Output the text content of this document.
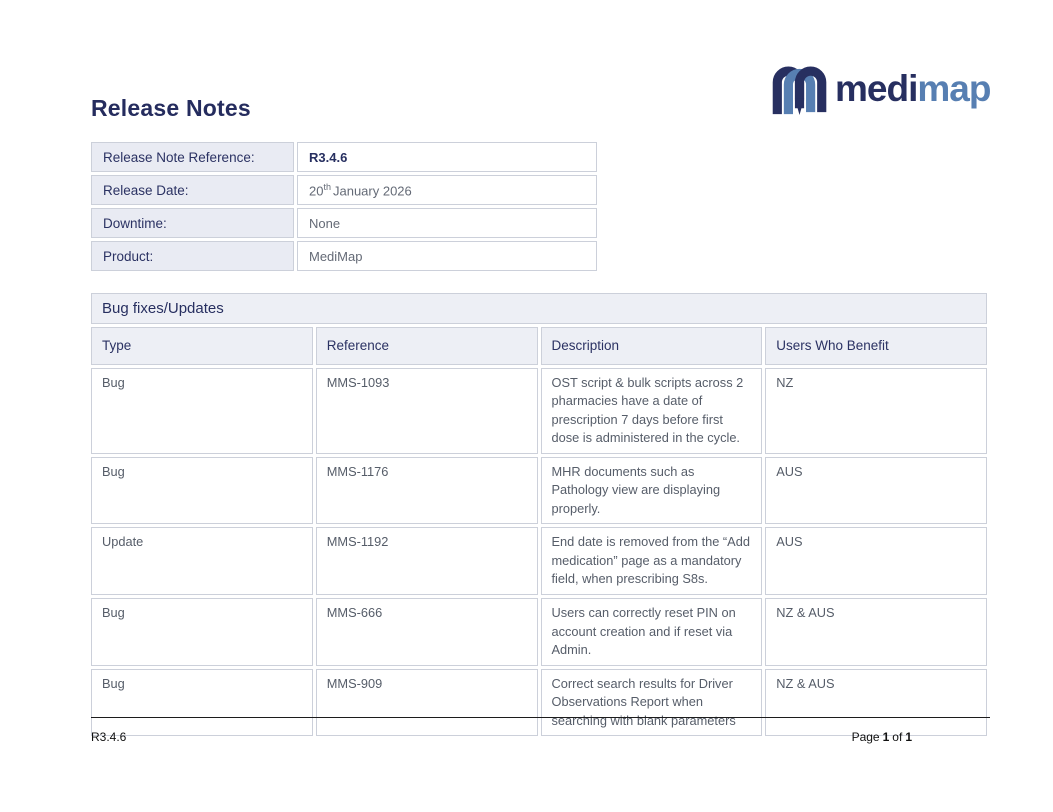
medimap
Release Notes
Release Note Reference:	R3.4.6
Release Date:	20th January 2026
Downtime:	None
Product:	MediMap
Bug fixes/Updates			
Type	Reference	Description	Users Who Benefit
Bug	MMS-1093	OST script & bulk scripts across 2 pharmacies have a date of prescription 7 days before first dose is administered in the cycle.	NZ
Bug	MMS-1176	MHR documents such as Pathology view are displaying properly.	AUS
Update	MMS-1192	End date is removed from the “Add medication” page as a mandatory field, when prescribing S8s.	AUS
Bug	MMS-666	Users can correctly reset PIN on account creation and if reset via Admin.	NZ & AUS
Bug	MMS-909	Correct search results for Driver Observations Report when searching with blank parameters	NZ & AUS
R3.4.6	Page 1 of 1
